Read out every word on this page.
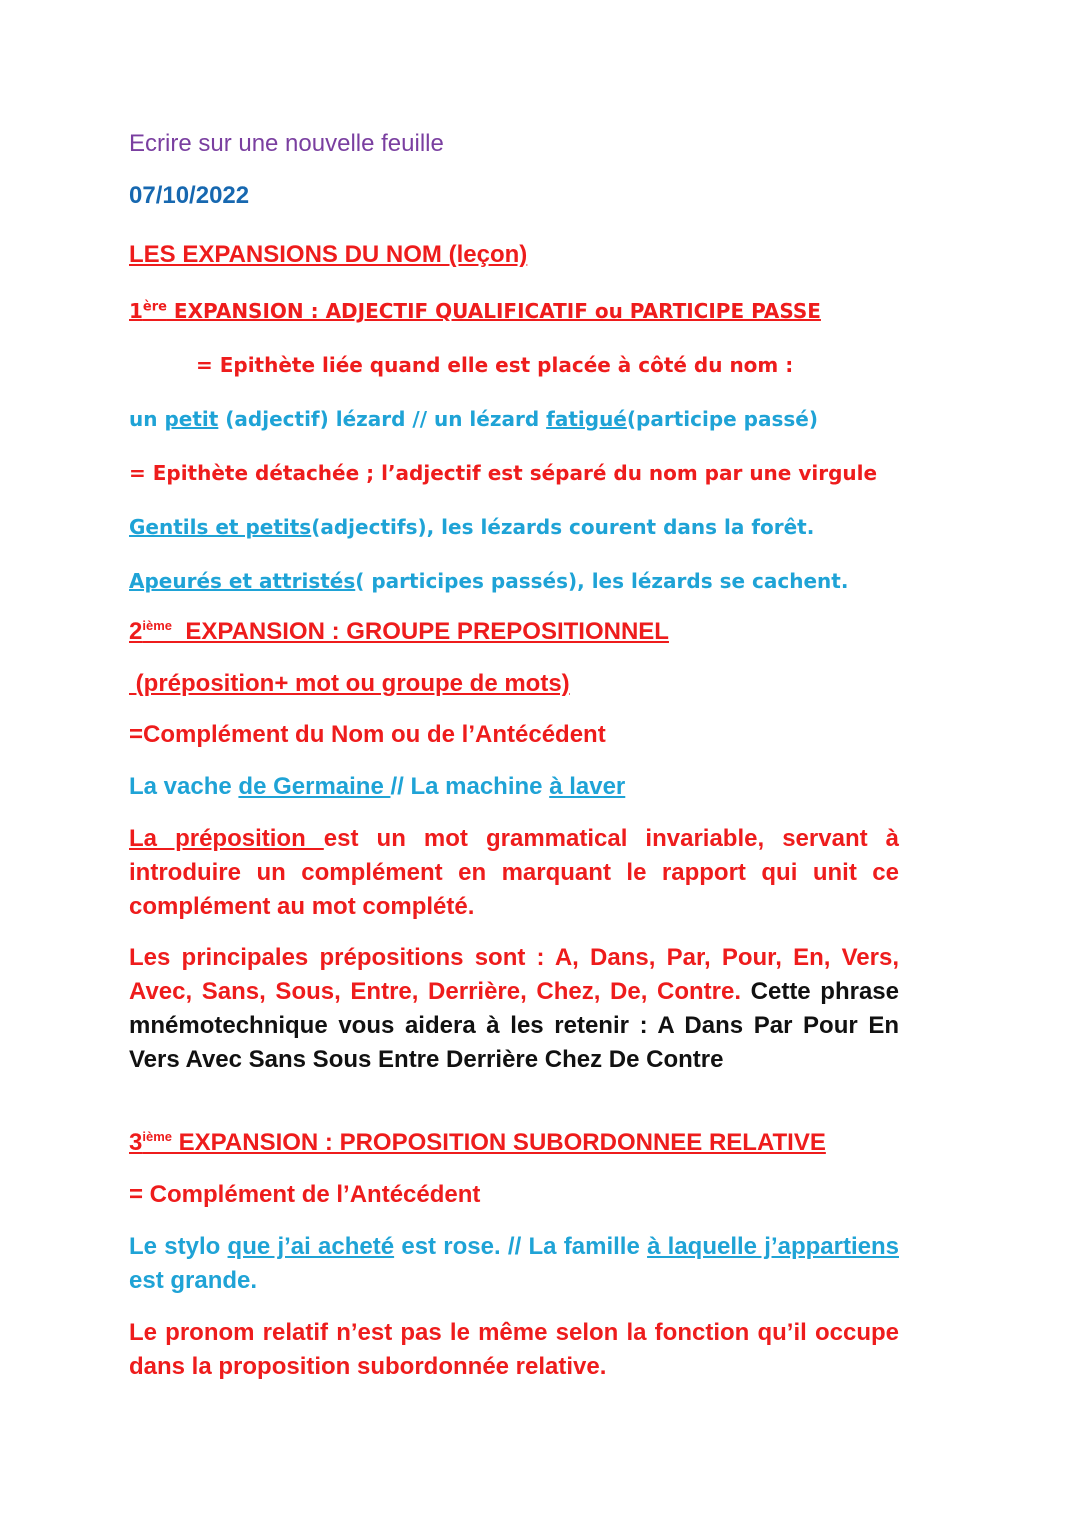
Ecrire sur une nouvelle feuille
07/10/2022
LES EXPANSIONS DU NOM (leçon)
1ère EXPANSION : ADJECTIF QUALIFICATIF ou PARTICIPE PASSE
= Epithète liée quand elle est placée à côté du nom :
un petit (adjectif) lézard // un lézard fatigué(participe passé)
= Epithète détachée ; l’adjectif est séparé du nom par une virgule
Gentils et petits(adjectifs), les lézards courent dans la forêt.
Apeurés et attristés( participes passés), les lézards se cachent.
2ième  EXPANSION : GROUPE PREPOSITIONNEL
(préposition+ mot ou groupe de mots)
=Complément du Nom ou de l’Antécédent
La vache de Germaine // La machine à laver
La préposition est un mot grammatical invariable, servant à introduire un complément en marquant le rapport qui unit ce complément au mot complété.
Les principales prépositions sont : A, Dans, Par, Pour, En, Vers, Avec, Sans, Sous, Entre, Derrière, Chez, De, Contre. Cette phrase mnémotechnique vous aidera à les retenir : A Dans Par Pour En Vers Avec Sans Sous Entre Derrière Chez De Contre
3ième EXPANSION : PROPOSITION SUBORDONNEE RELATIVE
= Complément de l’Antécédent
Le stylo que j’ai acheté est rose. // La famille à laquelle j’appartiens est grande.
Le pronom relatif n’est pas le même selon la fonction qu’il occupe dans la proposition subordonnée relative.
